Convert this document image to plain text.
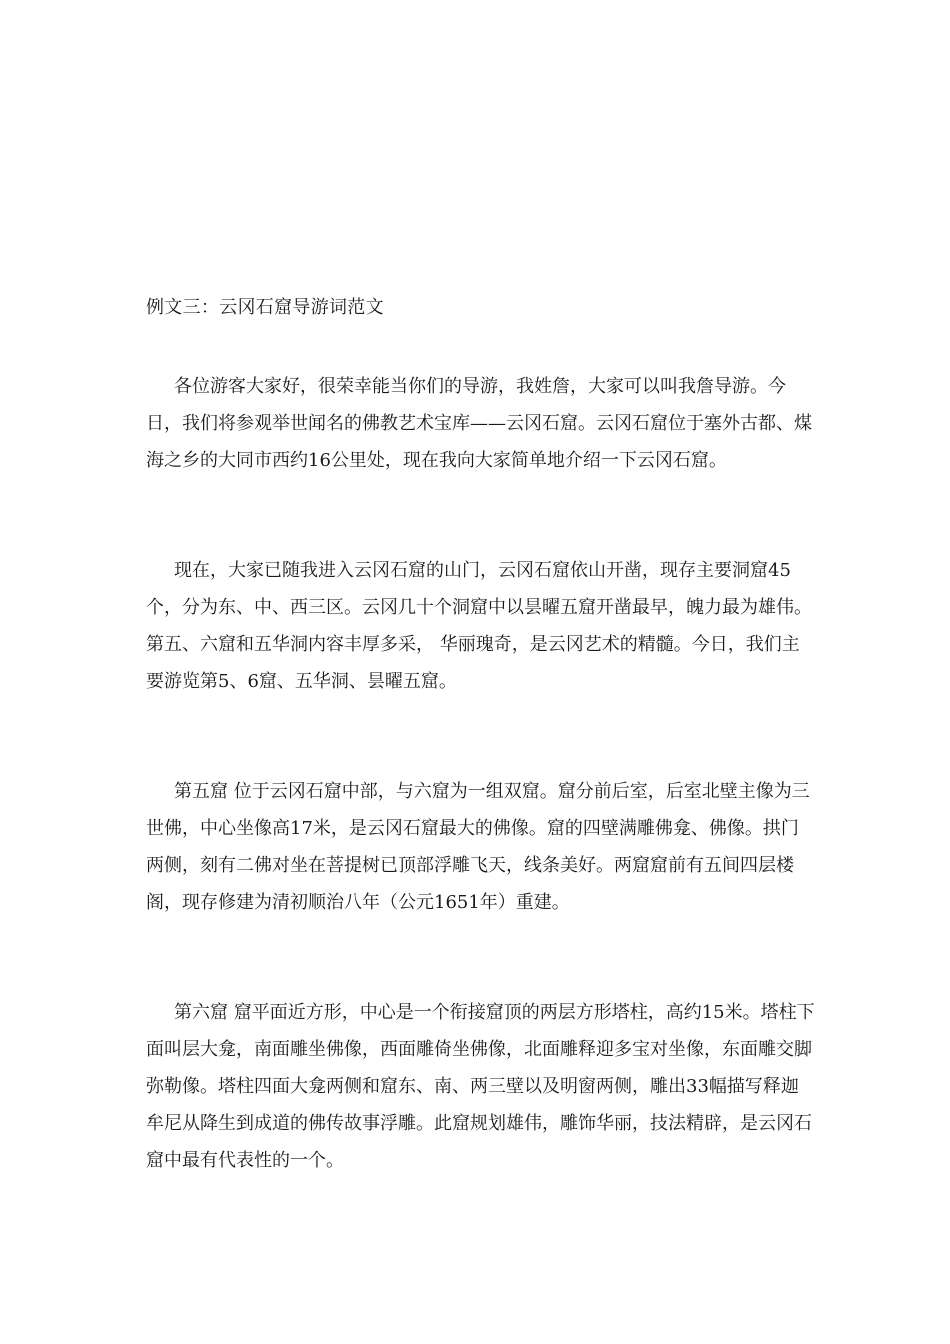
例文三：云冈石窟导游词范文

各位游客大家好，很荣幸能当你们的导游，我姓詹，大家可以叫我詹导游。今日，我们将参观举世闻名的佛教艺术宝库——云冈石窟。云冈石窟位于塞外古都、煤海之乡的大同市西约16公里处，现在我向大家简单地介绍一下云冈石窟。

现在，大家已随我进入云冈石窟的山门，云冈石窟依山开凿，现存主要洞窟45个，分为东、中、西三区。云冈几十个洞窟中以昙曜五窟开凿最早，魄力最为雄伟。第五、六窟和五华洞内容丰厚多采， 华丽瑰奇，是云冈艺术的精髓。今日，我们主要游览第5、6窟、五华洞、昙曜五窟。

第五窟 位于云冈石窟中部，与六窟为一组双窟。窟分前后室，后室北壁主像为三世佛，中心坐像高17米，是云冈石窟最大的佛像。窟的四壁满雕佛龛、佛像。拱门两侧，刻有二佛对坐在菩提树已顶部浮雕飞天，线条美好。两窟窟前有五间四层楼阁，现存修建为清初顺治八年（公元1651年）重建。

第六窟 窟平面近方形，中心是一个衔接窟顶的两层方形塔柱，高约15米。塔柱下面叫层大龛，南面雕坐佛像，西面雕倚坐佛像，北面雕释迎多宝对坐像，东面雕交脚弥勒像。塔柱四面大龛两侧和窟东、南、两三壁以及明窗两侧，雕出33幅描写释迦牟尼从降生到成道的佛传故事浮雕。此窟规划雄伟，雕饰华丽，技法精辟，是云冈石窟中最有代表性的一个。
